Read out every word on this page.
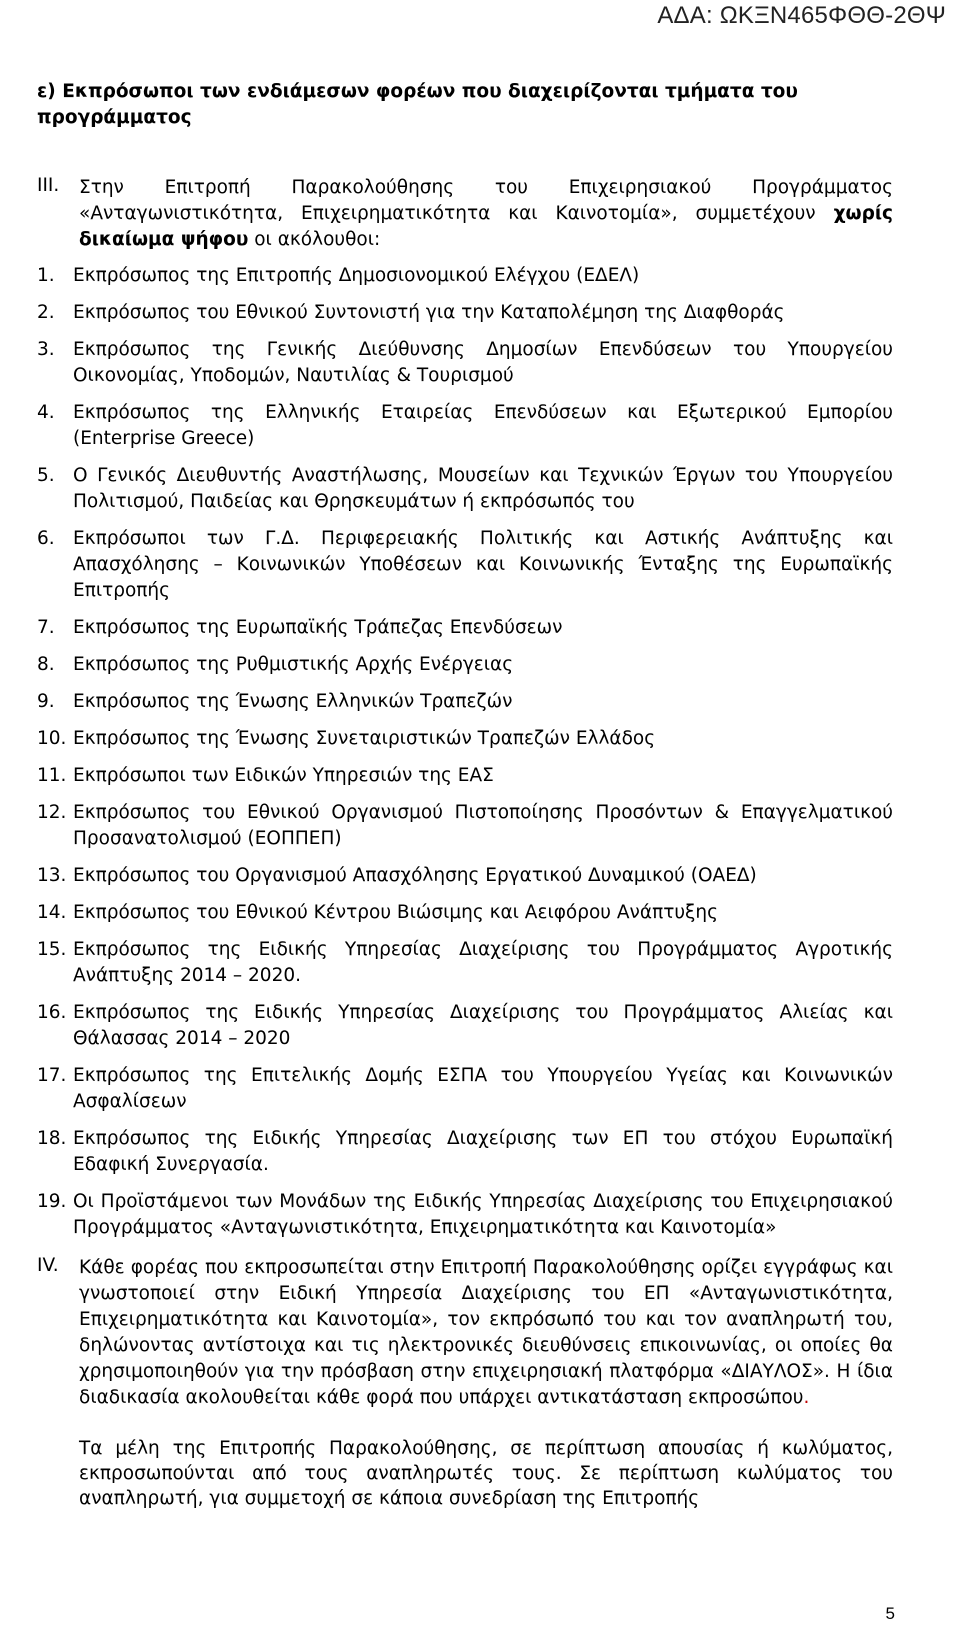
ΑΔΑ: ΩΚΞΝ465ΦΘΘ-2ΘΨ
ε) Εκπρόσωποι των ενδιάμεσων φορέων που διαχειρίζονται τμήματα του προγράμματος
III. Στην Επιτροπή Παρακολούθησης του Επιχειρησιακού Προγράμματος «Ανταγωνιστικότητα, Επιχειρηματικότητα και Καινοτομία», συμμετέχουν χωρίς δικαίωμα ψήφου οι ακόλουθοι:
1. Εκπρόσωπος της Επιτροπής Δημοσιονομικού Ελέγχου (ΕΔΕΛ)
2. Εκπρόσωπος του Εθνικού Συντονιστή για την Καταπολέμηση της Διαφθοράς
3. Εκπρόσωπος της Γενικής Διεύθυνσης Δημοσίων Επενδύσεων του Υπουργείου Οικονομίας, Υποδομών, Ναυτιλίας & Τουρισμού
4. Εκπρόσωπος της Ελληνικής Εταιρείας Επενδύσεων και Εξωτερικού Εμπορίου (Enterprise Greece)
5. Ο Γενικός Διευθυντής Αναστήλωσης, Μουσείων και Τεχνικών Έργων του Υπουργείου Πολιτισμού, Παιδείας και Θρησκευμάτων ή εκπρόσωπός του
6. Εκπρόσωποι των Γ.Δ. Περιφερειακής Πολιτικής και Αστικής Ανάπτυξης και Απασχόλησης – Κοινωνικών Υποθέσεων και Κοινωνικής Ένταξης της Ευρωπαϊκής Επιτροπής
7. Εκπρόσωπος της Ευρωπαϊκής Τράπεζας Επενδύσεων
8. Εκπρόσωπος της Ρυθμιστικής Αρχής Ενέργειας
9. Εκπρόσωπος της Ένωσης Ελληνικών Τραπεζών
10. Εκπρόσωπος της Ένωσης Συνεταιριστικών Τραπεζών Ελλάδος
11. Εκπρόσωποι των Ειδικών Υπηρεσιών της ΕΑΣ
12. Εκπρόσωπος του Εθνικού Οργανισμού Πιστοποίησης Προσόντων & Επαγγελματικού Προσανατολισμού (ΕΟΠΠΕΠ)
13. Εκπρόσωπος του Οργανισμού Απασχόλησης Εργατικού Δυναμικού (ΟΑΕΔ)
14. Εκπρόσωπος του Εθνικού Κέντρου Βιώσιμης και Αειφόρου Ανάπτυξης
15. Εκπρόσωπος της Ειδικής Υπηρεσίας Διαχείρισης του Προγράμματος Αγροτικής Ανάπτυξης 2014 – 2020.
16. Εκπρόσωπος της Ειδικής Υπηρεσίας Διαχείρισης του Προγράμματος Αλιείας και Θάλασσας 2014 – 2020
17. Εκπρόσωπος της Επιτελικής Δομής ΕΣΠΑ του Υπουργείου Υγείας και Κοινωνικών Ασφαλίσεων
18. Εκπρόσωπος της Ειδικής Υπηρεσίας Διαχείρισης των ΕΠ του στόχου Ευρωπαϊκή Εδαφική Συνεργασία.
19. Οι Προϊστάμενοι των Μονάδων της Ειδικής Υπηρεσίας Διαχείρισης του Επιχειρησιακού Προγράμματος «Ανταγωνιστικότητα, Επιχειρηματικότητα και Καινοτομία»
IV. Κάθε φορέας που εκπροσωπείται στην Επιτροπή Παρακολούθησης ορίζει εγγράφως και γνωστοποιεί στην Ειδική Υπηρεσία Διαχείρισης του ΕΠ «Ανταγωνιστικότητα, Επιχειρηματικότητα και Καινοτομία», τον εκπρόσωπό του και τον αναπληρωτή του, δηλώνοντας αντίστοιχα και τις ηλεκτρονικές διευθύνσεις επικοινωνίας, οι οποίες θα χρησιμοποιηθούν για την πρόσβαση στην επιχειρησιακή πλατφόρμα «ΔΙΑΥΛΟΣ». Η ίδια διαδικασία ακολουθείται κάθε φορά που υπάρχει αντικατάσταση εκπροσώπου.
Τα μέλη της Επιτροπής Παρακολούθησης, σε περίπτωση απουσίας ή κωλύματος, εκπροσωπούνται από τους αναπληρωτές τους. Σε περίπτωση κωλύματος του αναπληρωτή, για συμμετοχή σε κάποια συνεδρίαση της Επιτροπής
5
